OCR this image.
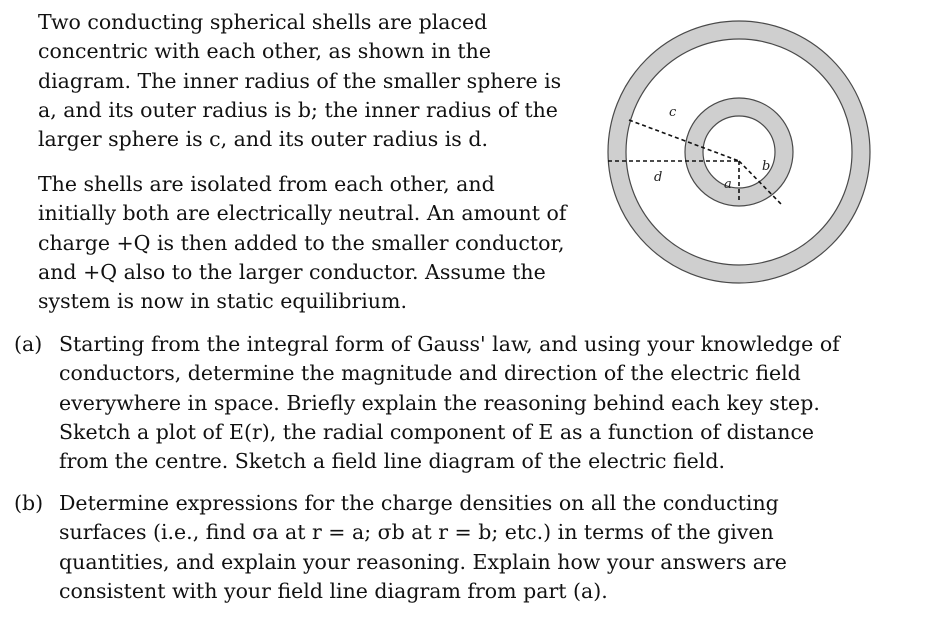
Two conducting spherical shells are placed
concentric with each other, as shown in the
diagram. The inner radius of the smaller sphere is
a, and its outer radius is b; the inner radius of the
larger sphere is c, and its outer radius is d.
The shells are isolated from each other, and
initially both are electrically neutral. An amount of
charge +Q is then added to the smaller conductor,
and +Q also to the larger conductor. Assume the
system is now in static equilibrium.
(a) Starting from the integral form of Gauss' law, and using your knowledge of
conductors, determine the magnitude and direction of the electric field
everywhere in space. Briefly explain the reasoning behind each key step.
Sketch a plot of E(r), the radial component of E as a function of distance
from the centre. Sketch a field line diagram of the electric field.
(b) Determine expressions for the charge densities on all the conducting
surfaces (i.e., find σa at r = a; σb at r = b; etc.) in terms of the given
quantities, and explain your reasoning. Explain how your answers are
consistent with your field line diagram from part (a).
c
d	a
b
